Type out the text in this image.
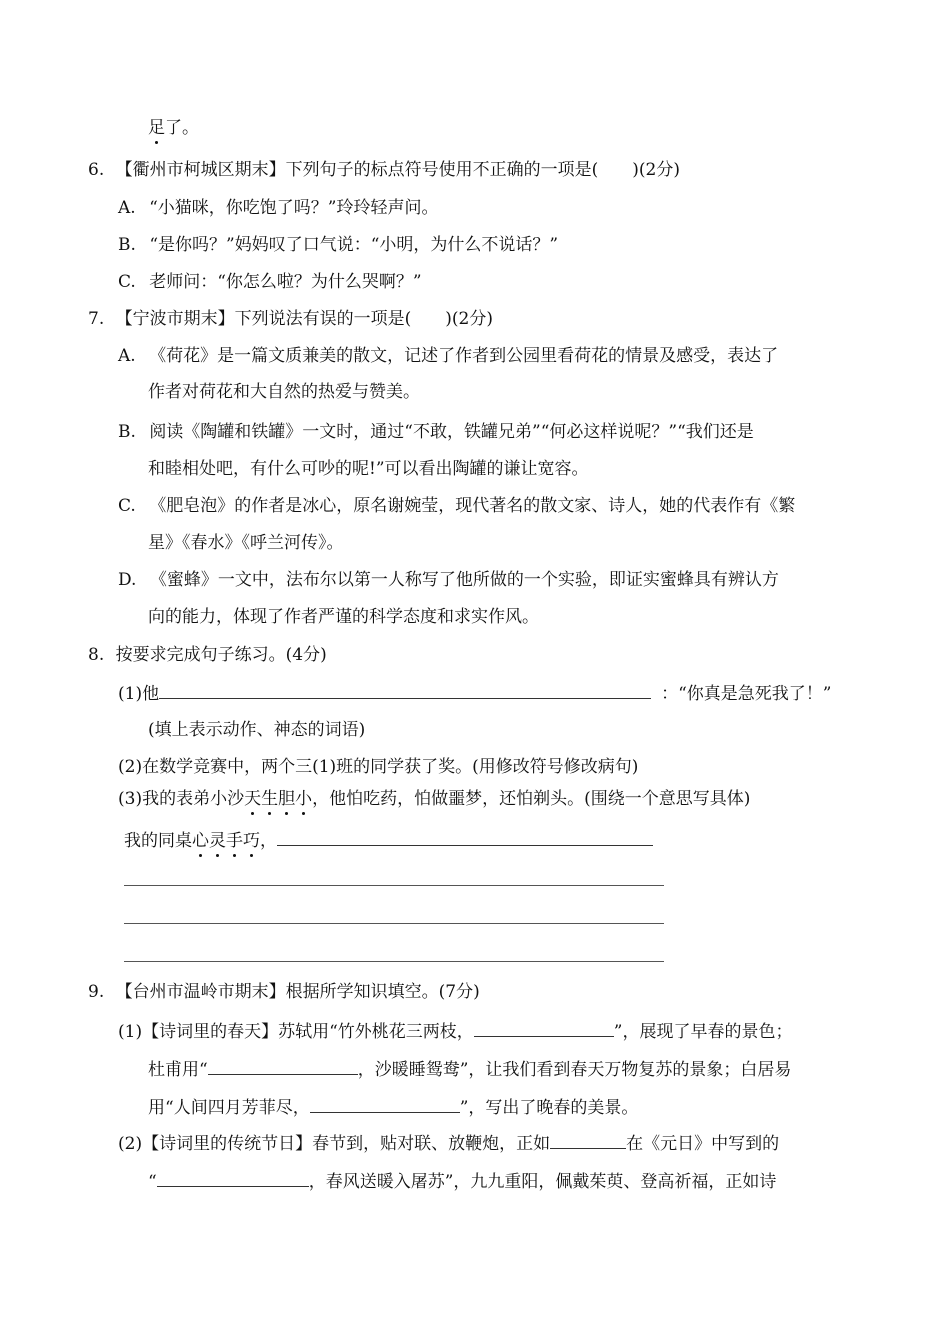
足了。
6. 【衢州市柯城区期末】下列句子的标点符号使用不正确的一项是(　　)(2分)
A. “小猫咪，你吃饱了吗？”玲玲轻声问。
B. “是你吗？”妈妈叹了口气说：“小明，为什么不说话？”
C. 老师问：“你怎么啦？为什么哭啊？”
7. 【宁波市期末】下列说法有误的一项是(　　)(2分)
A. 《荷花》是一篇文质兼美的散文，记述了作者到公园里看荷花的情景及感受，表达了
作者对荷花和大自然的热爱与赞美。
B. 阅读《陶罐和铁罐》一文时，通过“不敢，铁罐兄弟”“何必这样说呢？”“我们还是
和睦相处吧，有什么可吵的呢!”可以看出陶罐的谦让宽容。
C. 《肥皂泡》的作者是冰心，原名谢婉莹，现代著名的散文家、诗人，她的代表作有《繁
星》《春水》《呼兰河传》。
D. 《蜜蜂》一文中，法布尔以第一人称写了他所做的一个实验，即证实蜜蜂具有辨认方
向的能力，体现了作者严谨的科学态度和求实作风。
8. 按要求完成句子练习。(4分)
(1)他	：“你真是急死我了！”
(填上表示动作、神态的词语)
(2)在数学竞赛中，两个三(1)班的同学获了奖。(用修改符号修改病句)
(3)我的表弟小沙天生胆小，他怕吃药，怕做噩梦，还怕剃头。(围绕一个意思写具体)
我的同桌心灵手巧，
9. 【台州市温岭市期末】根据所学知识填空。(7分)
(1)【诗词里的春天】苏轼用“竹外桃花三两枝，	”，展现了早春的景色；
杜甫用“	，沙暖睡鸳鸯”，让我们看到春天万物复苏的景象；白居易
用“人间四月芳菲尽，	”，写出了晚春的美景。
(2)【诗词里的传统节日】春节到，贴对联、放鞭炮，正如	在《元日》中写到的
“	，春风送暖入屠苏”，九九重阳，佩戴茱萸、登高祈福，正如诗
